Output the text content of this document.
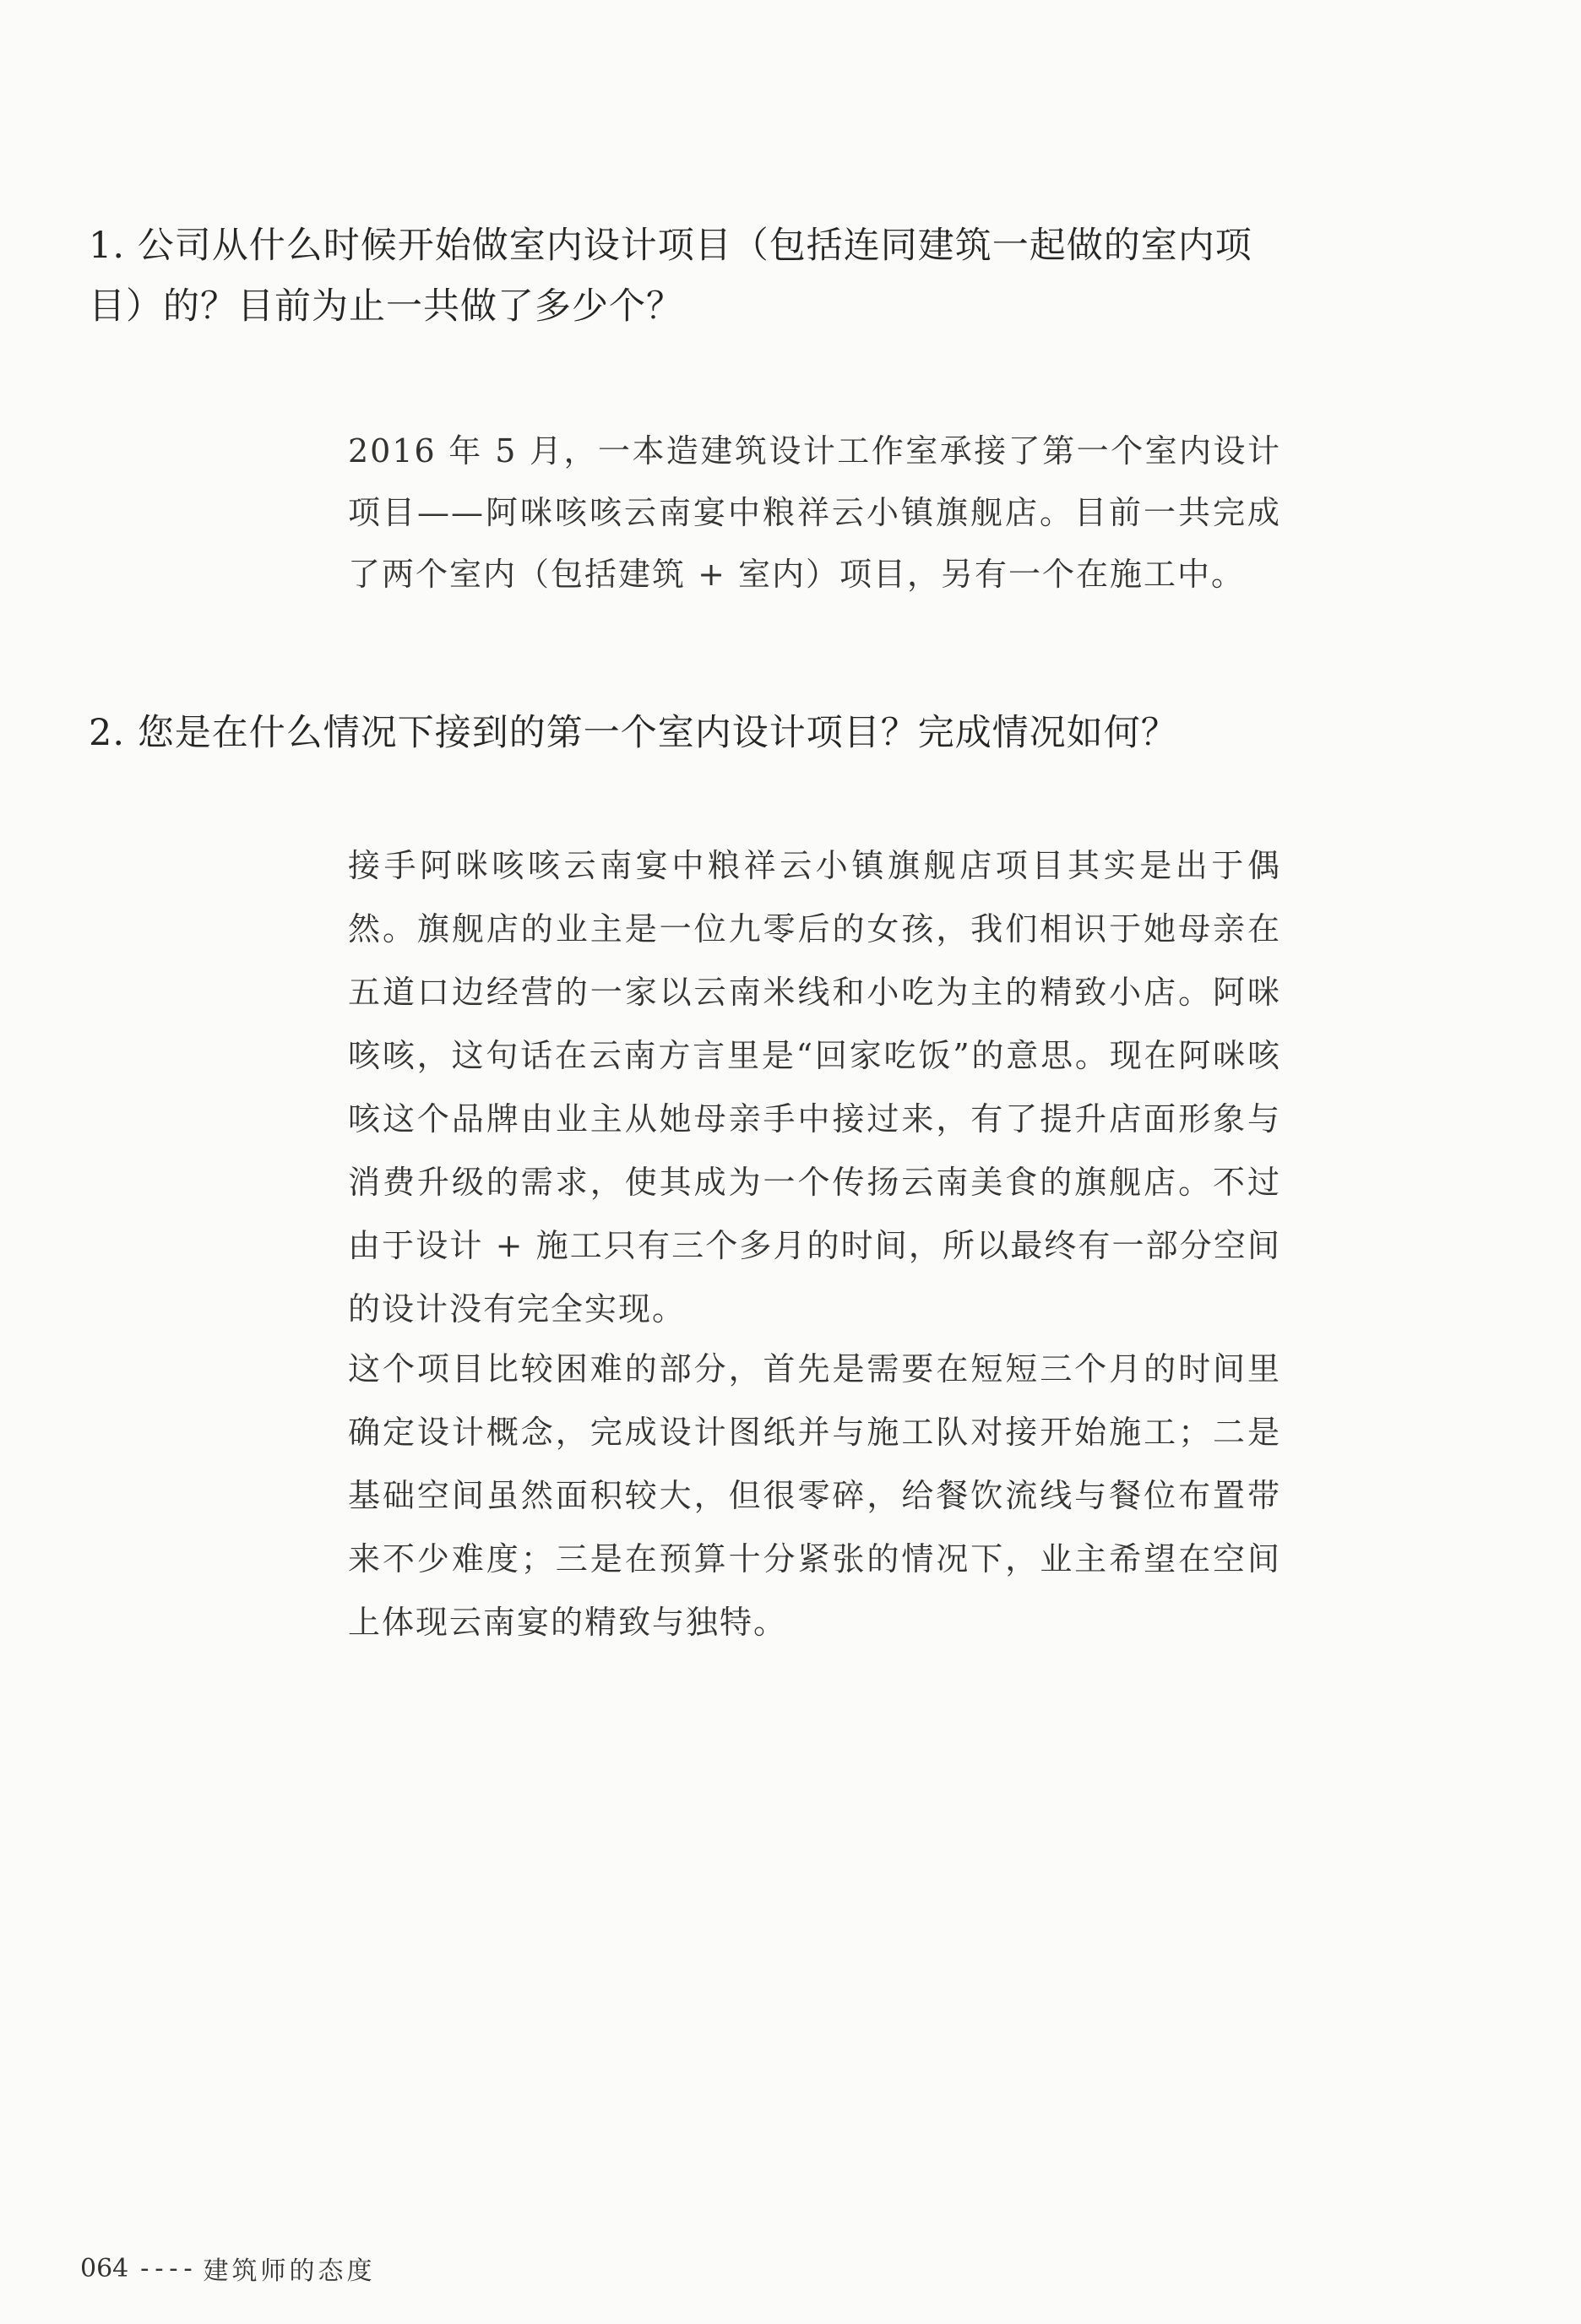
1. 公司从什么时候开始做室内设计项目（包括连同建筑一起做的室内项目）的？目前为止一共做了多少个？

2016 年 5 月，一本造建筑设计工作室承接了第一个室内设计项目——阿咪咳咳云南宴中粮祥云小镇旗舰店。目前一共完成了两个室内（包括建筑 + 室内）项目，另有一个在施工中。

2. 您是在什么情况下接到的第一个室内设计项目？完成情况如何？

接手阿咪咳咳云南宴中粮祥云小镇旗舰店项目其实是出于偶然。旗舰店的业主是一位九零后的女孩，我们相识于她母亲在五道口边经营的一家以云南米线和小吃为主的精致小店。阿咪咳咳，这句话在云南方言里是“回家吃饭”的意思。现在阿咪咳咳这个品牌由业主从她母亲手中接过来，有了提升店面形象与消费升级的需求，使其成为一个传扬云南美食的旗舰店。不过由于设计 + 施工只有三个多月的时间，所以最终有一部分空间的设计没有完全实现。

这个项目比较困难的部分，首先是需要在短短三个月的时间里确定设计概念，完成设计图纸并与施工队对接开始施工；二是基础空间虽然面积较大，但很零碎，给餐饮流线与餐位布置带来不少难度；三是在预算十分紧张的情况下，业主希望在空间上体现云南宴的精致与独特。

064 ---- 建筑师的态度
